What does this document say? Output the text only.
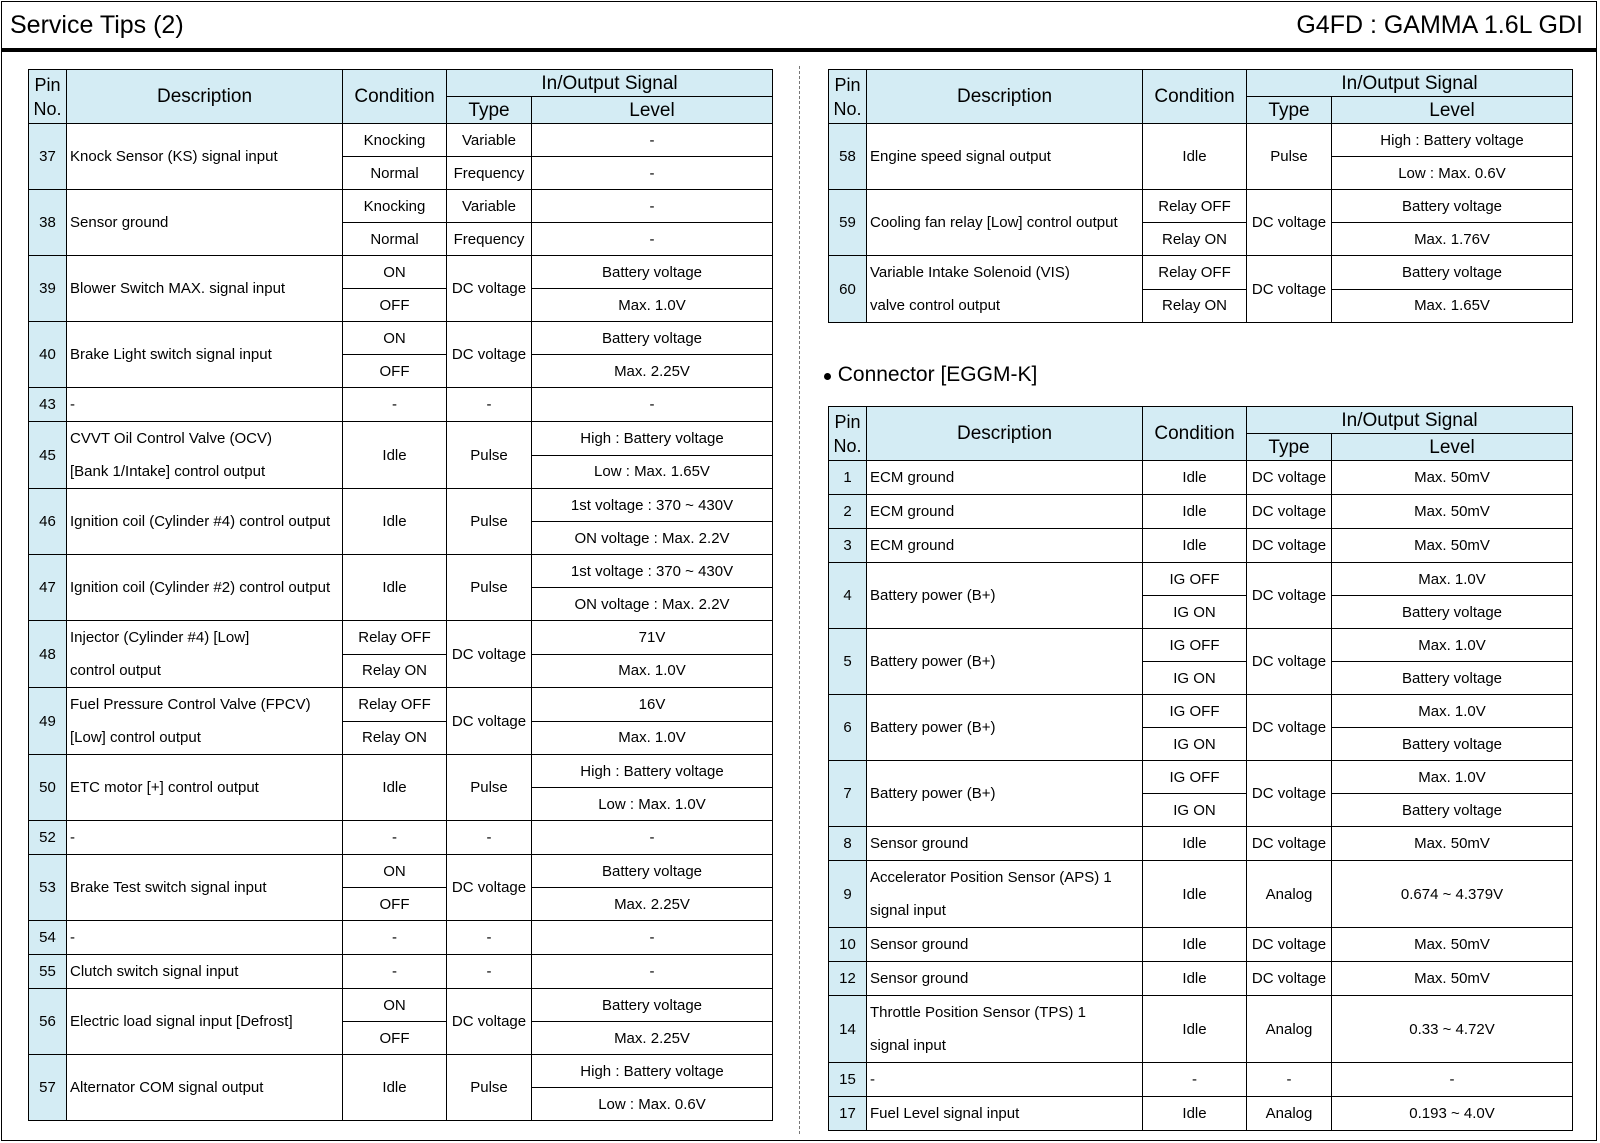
Service Tips (2)	G4FD : GAMMA 1.6L GDI
Pin
No.	Description	Condition	In/Output Signal	
			Type	Level
37	Knock Sensor (KS) signal input	Knocking	Variable	-
		Normal	Frequency	-
38	Sensor ground	Knocking	Variable	-
		Normal	Frequency	-
39	Blower Switch MAX. signal input	ON	DC voltage	Battery voltage
		OFF		Max. 1.0V
40	Brake Light switch signal input	ON	DC voltage	Battery voltage
		OFF		Max. 2.25V
43	-	-	-	-
45	CVVT Oil Control Valve (OCV)
[Bank 1/Intake] control output	Idle	Pulse	High : Battery voltage
				Low : Max. 1.65V
46	Ignition coil (Cylinder #4) control output	Idle	Pulse	1st voltage : 370 ~ 430V
				ON voltage : Max. 2.2V
47	Ignition coil (Cylinder #2) control output	Idle	Pulse	1st voltage : 370 ~ 430V
				ON voltage : Max. 2.2V
48	Injector (Cylinder #4) [Low]
control output	Relay OFF	DC voltage	71V
		Relay ON		Max. 1.0V
49	Fuel Pressure Control Valve (FPCV)
[Low] control output	Relay OFF	DC voltage	16V
		Relay ON		Max. 1.0V
50	ETC motor [+] control output	Idle	Pulse	High : Battery voltage
				Low : Max. 1.0V
52	-	-	-	-
53	Brake Test switch signal input	ON	DC voltage	Battery voltage
		OFF		Max. 2.25V
54	-	-	-	-
55	Clutch switch signal input	-	-	-
56	Electric load signal input [Defrost]	ON	DC voltage	Battery voltage
		OFF		Max. 2.25V
57	Alternator COM signal output	Idle	Pulse	High : Battery voltage
				Low : Max. 0.6V
Pin
No.	Description	Condition	In/Output Signal	
			Type	Level
58	Engine speed signal output	Idle	Pulse	High : Battery voltage
				Low : Max. 0.6V
59	Cooling fan relay [Low] control output	Relay OFF	DC voltage	Battery voltage
		Relay ON		Max. 1.76V
60	Variable Intake Solenoid (VIS)
valve control output	Relay OFF	DC voltage	Battery voltage
		Relay ON		Max. 1.65V
Connector [EGGM-K]
Pin
No.	Description	Condition	In/Output Signal	
			Type	Level
1	ECM ground	Idle	DC voltage	Max. 50mV
2	ECM ground	Idle	DC voltage	Max. 50mV
3	ECM ground	Idle	DC voltage	Max. 50mV
4	Battery power (B+)	IG OFF	DC voltage	Max. 1.0V
		IG ON		Battery voltage
5	Battery power (B+)	IG OFF	DC voltage	Max. 1.0V
		IG ON		Battery voltage
6	Battery power (B+)	IG OFF	DC voltage	Max. 1.0V
		IG ON		Battery voltage
7	Battery power (B+)	IG OFF	DC voltage	Max. 1.0V
		IG ON		Battery voltage
8	Sensor ground	Idle	DC voltage	Max. 50mV
9	Accelerator Position Sensor (APS) 1
signal input	Idle	Analog	0.674 ~ 4.379V

10	Sensor ground	Idle	DC voltage	Max. 50mV
12	Sensor ground	Idle	DC voltage	Max. 50mV
14	Throttle Position Sensor (TPS) 1
signal input	Idle	Analog	0.33 ~ 4.72V

15	-	-	-	-
17	Fuel Level signal input	Idle	Analog	0.193 ~ 4.0V
